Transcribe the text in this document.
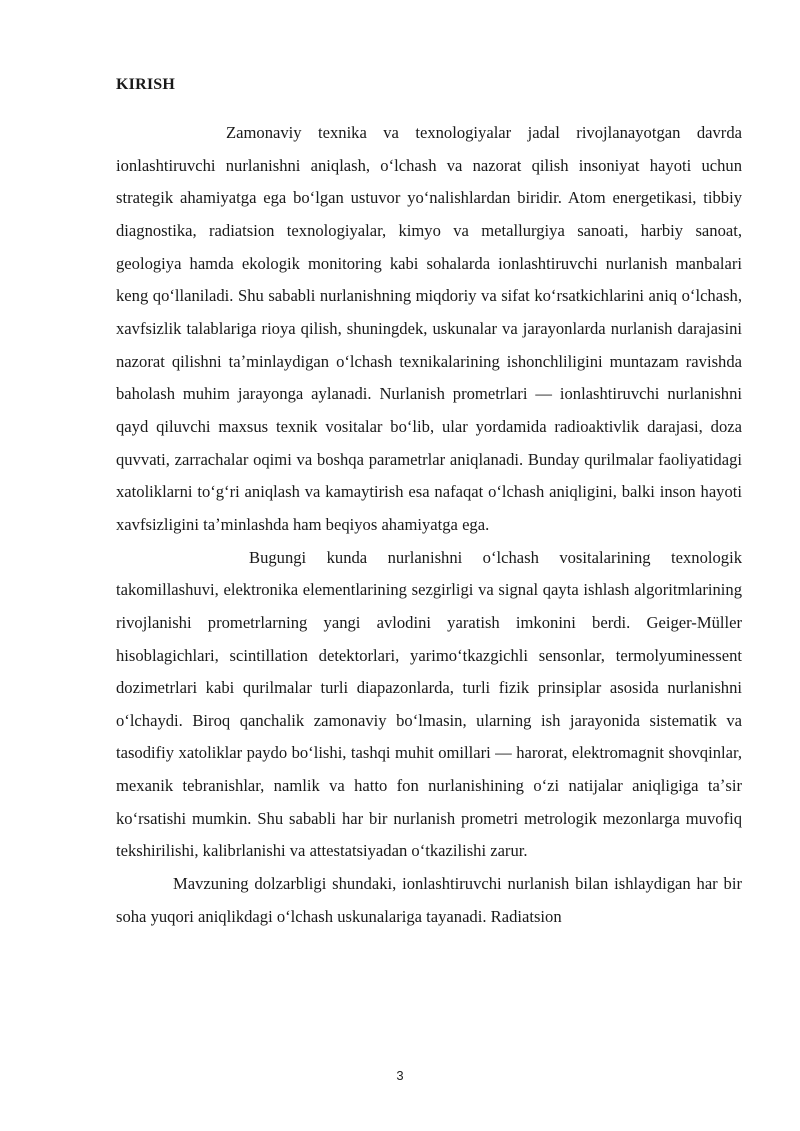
KIRISH

Zamonaviy texnika va texnologiyalar jadal rivojlanayotgan davrda ionlashtiruvchi nurlanishni aniqlash, oʻlchash va nazorat qilish insoniyat hayoti uchun strategik ahamiyatga ega boʻlgan ustuvor yoʻnalishlardan biridir. Atom energetikasi, tibbiy diagnostika, radiatsion texnologiyalar, kimyo va metallurgiya sanoati, harbiy sanoat, geologiya hamda ekologik monitoring kabi sohalarda ionlashtiruvchi nurlanish manbalari keng qoʻllaniladi. Shu sababli nurlanishning miqdoriy va sifat koʻrsatkichlarini aniq oʻlchash, xavfsizlik talablariga rioya qilish, shuningdek, uskunalar va jarayonlarda nurlanish darajasini nazorat qilishni taʼminlaydigan oʻlchash texnikalarining ishonchliligini muntazam ravishda baholash muhim jarayonga aylanadi. Nurlanish prometrlari — ionlashtiruvchi nurlanishni qayd qiluvchi maxsus texnik vositalar boʻlib, ular yordamida radioaktivlik darajasi, doza quvvati, zarrachalar oqimi va boshqa parametrlar aniqlanadi. Bunday qurilmalar faoliyatidagi xatoliklarni toʻgʻri aniqlash va kamaytirish esa nafaqat oʻlchash aniqligini, balki inson hayoti xavfsizligini taʼminlashda ham beqiyos ahamiyatga ega.

Bugungi kunda nurlanishni oʻlchash vositalarining texnologik takomillashuvi, elektronika elementlarining sezgirligi va signal qayta ishlash algoritmlarining rivojlanishi prometrlarning yangi avlodini yaratish imkonini berdi. Geiger-Müller hisoblagichlari, scintillation detektorlari, yarimoʻtkazgichli sensonlar, termolyuminessent dozimetrlari kabi qurilmalar turli diapazonlarda, turli fizik prinsiplar asosida nurlanishni oʻlchaydi. Biroq qanchalik zamonaviy boʻlmasin, ularning ish jarayonida sistematik va tasodifiy xatoliklar paydo boʻlishi, tashqi muhit omillari — harorat, elektromagnit shovqinlar, mexanik tebranishlar, namlik va hatto fon nurlanishining oʻzi natijalar aniqligiga taʼsir koʻrsatishi mumkin. Shu sababli har bir nurlanish prometri metrologik mezonlarga muvofiq tekshirilishi, kalibrlanishi va attestatsiyadan oʻtkazilishi zarur.

Mavzuning dolzarbligi shundaki, ionlashtiruvchi nurlanish bilan ishlaydigan har bir soha yuqori aniqlikdagi oʻlchash uskunalariga tayanadi. Radiatsion

3
